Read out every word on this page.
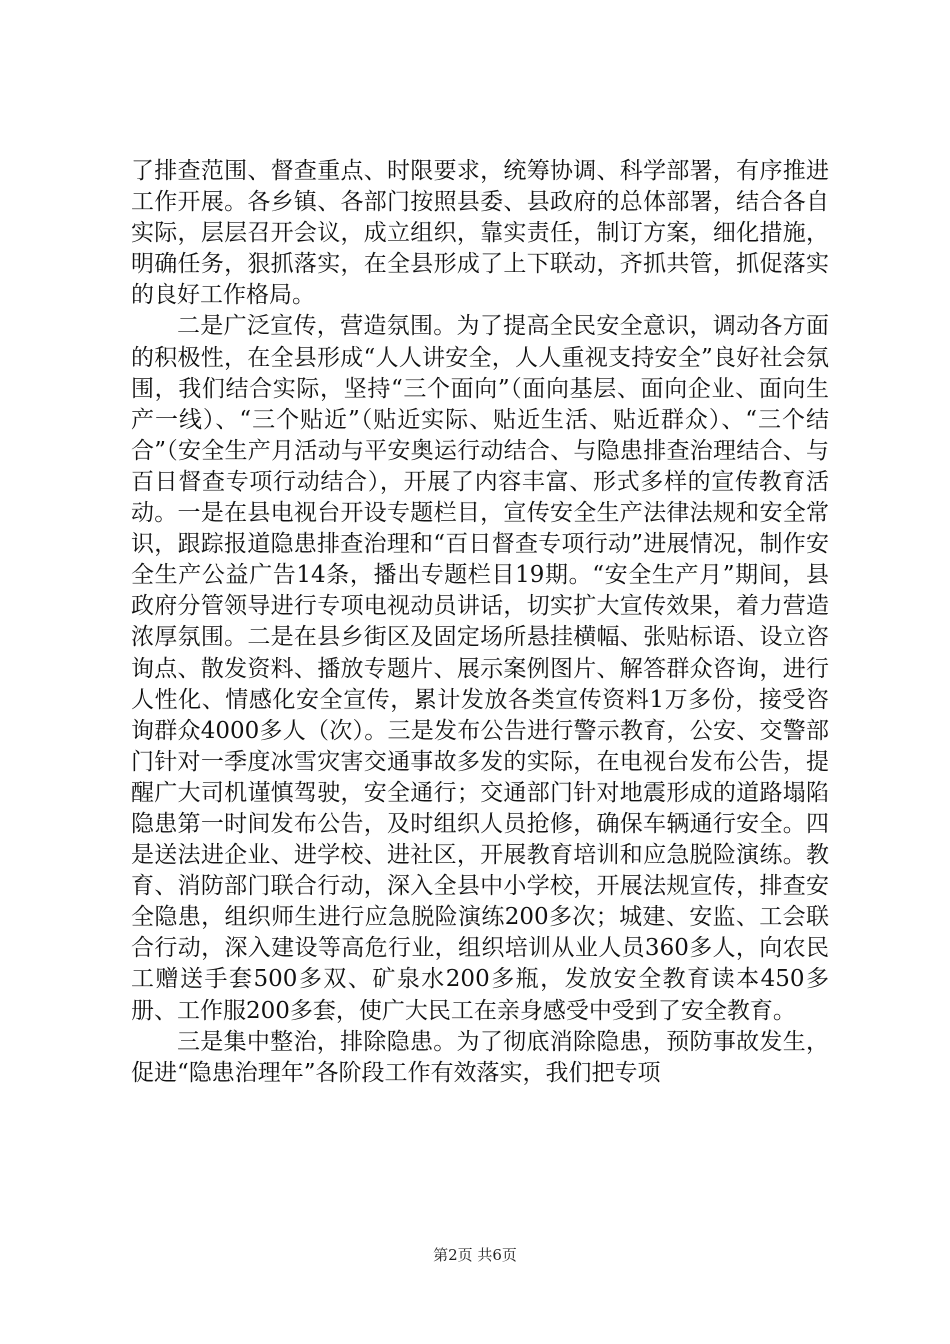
了排查范围、督查重点、时限要求，统筹协调、科学部署，有序推进工作开展。各乡镇、各部门按照县委、县政府的总体部署，结合各自实际，层层召开会议，成立组织，靠实责任，制订方案，细化措施，明确任务，狠抓落实，在全县形成了上下联动，齐抓共管，抓促落实的良好工作格局。

二是广泛宣传，营造氛围。为了提高全民安全意识，调动各方面的积极性，在全县形成“人人讲安全，人人重视支持安全”良好社会氛围，我们结合实际，坚持“三个面向”（面向基层、面向企业、面向生产一线）、“三个贴近”（贴近实际、贴近生活、贴近群众）、“三个结合”（安全生产月活动与平安奥运行动结合、与隐患排查治理结合、与百日督查专项行动结合），开展了内容丰富、形式多样的宣传教育活动。一是在县电视台开设专题栏目，宣传安全生产法律法规和安全常识，跟踪报道隐患排查治理和“百日督查专项行动”进展情况，制作安全生产公益广告14条，播出专题栏目19期。“安全生产月”期间，县政府分管领导进行专项电视动员讲话，切实扩大宣传效果，着力营造浓厚氛围。二是在县乡街区及固定场所悬挂横幅、张贴标语、设立咨询点、散发资料、播放专题片、展示案例图片、解答群众咨询，进行人性化、情感化安全宣传，累计发放各类宣传资料1万多份，接受咨询群众4000多人（次）。三是发布公告进行警示教育，公安、交警部门针对一季度冰雪灾害交通事故多发的实际，在电视台发布公告，提醒广大司机谨慎驾驶，安全通行；交通部门针对地震形成的道路塌陷隐患第一时间发布公告，及时组织人员抢修，确保车辆通行安全。四是送法进企业、进学校、进社区，开展教育培训和应急脱险演练。教育、消防部门联合行动，深入全县中小学校，开展法规宣传，排查安全隐患，组织师生进行应急脱险演练200多次；城建、安监、工会联合行动，深入建设等高危行业，组织培训从业人员360多人，向农民工赠送手套500多双、矿泉水200多瓶，发放安全教育读本450多册、工作服200多套，使广大民工在亲身感受中受到了安全教育。

三是集中整治，排除隐患。为了彻底消除隐患，预防事故发生，促进“隐患治理年”各阶段工作有效落实，我们把专项

第2页 共6页
